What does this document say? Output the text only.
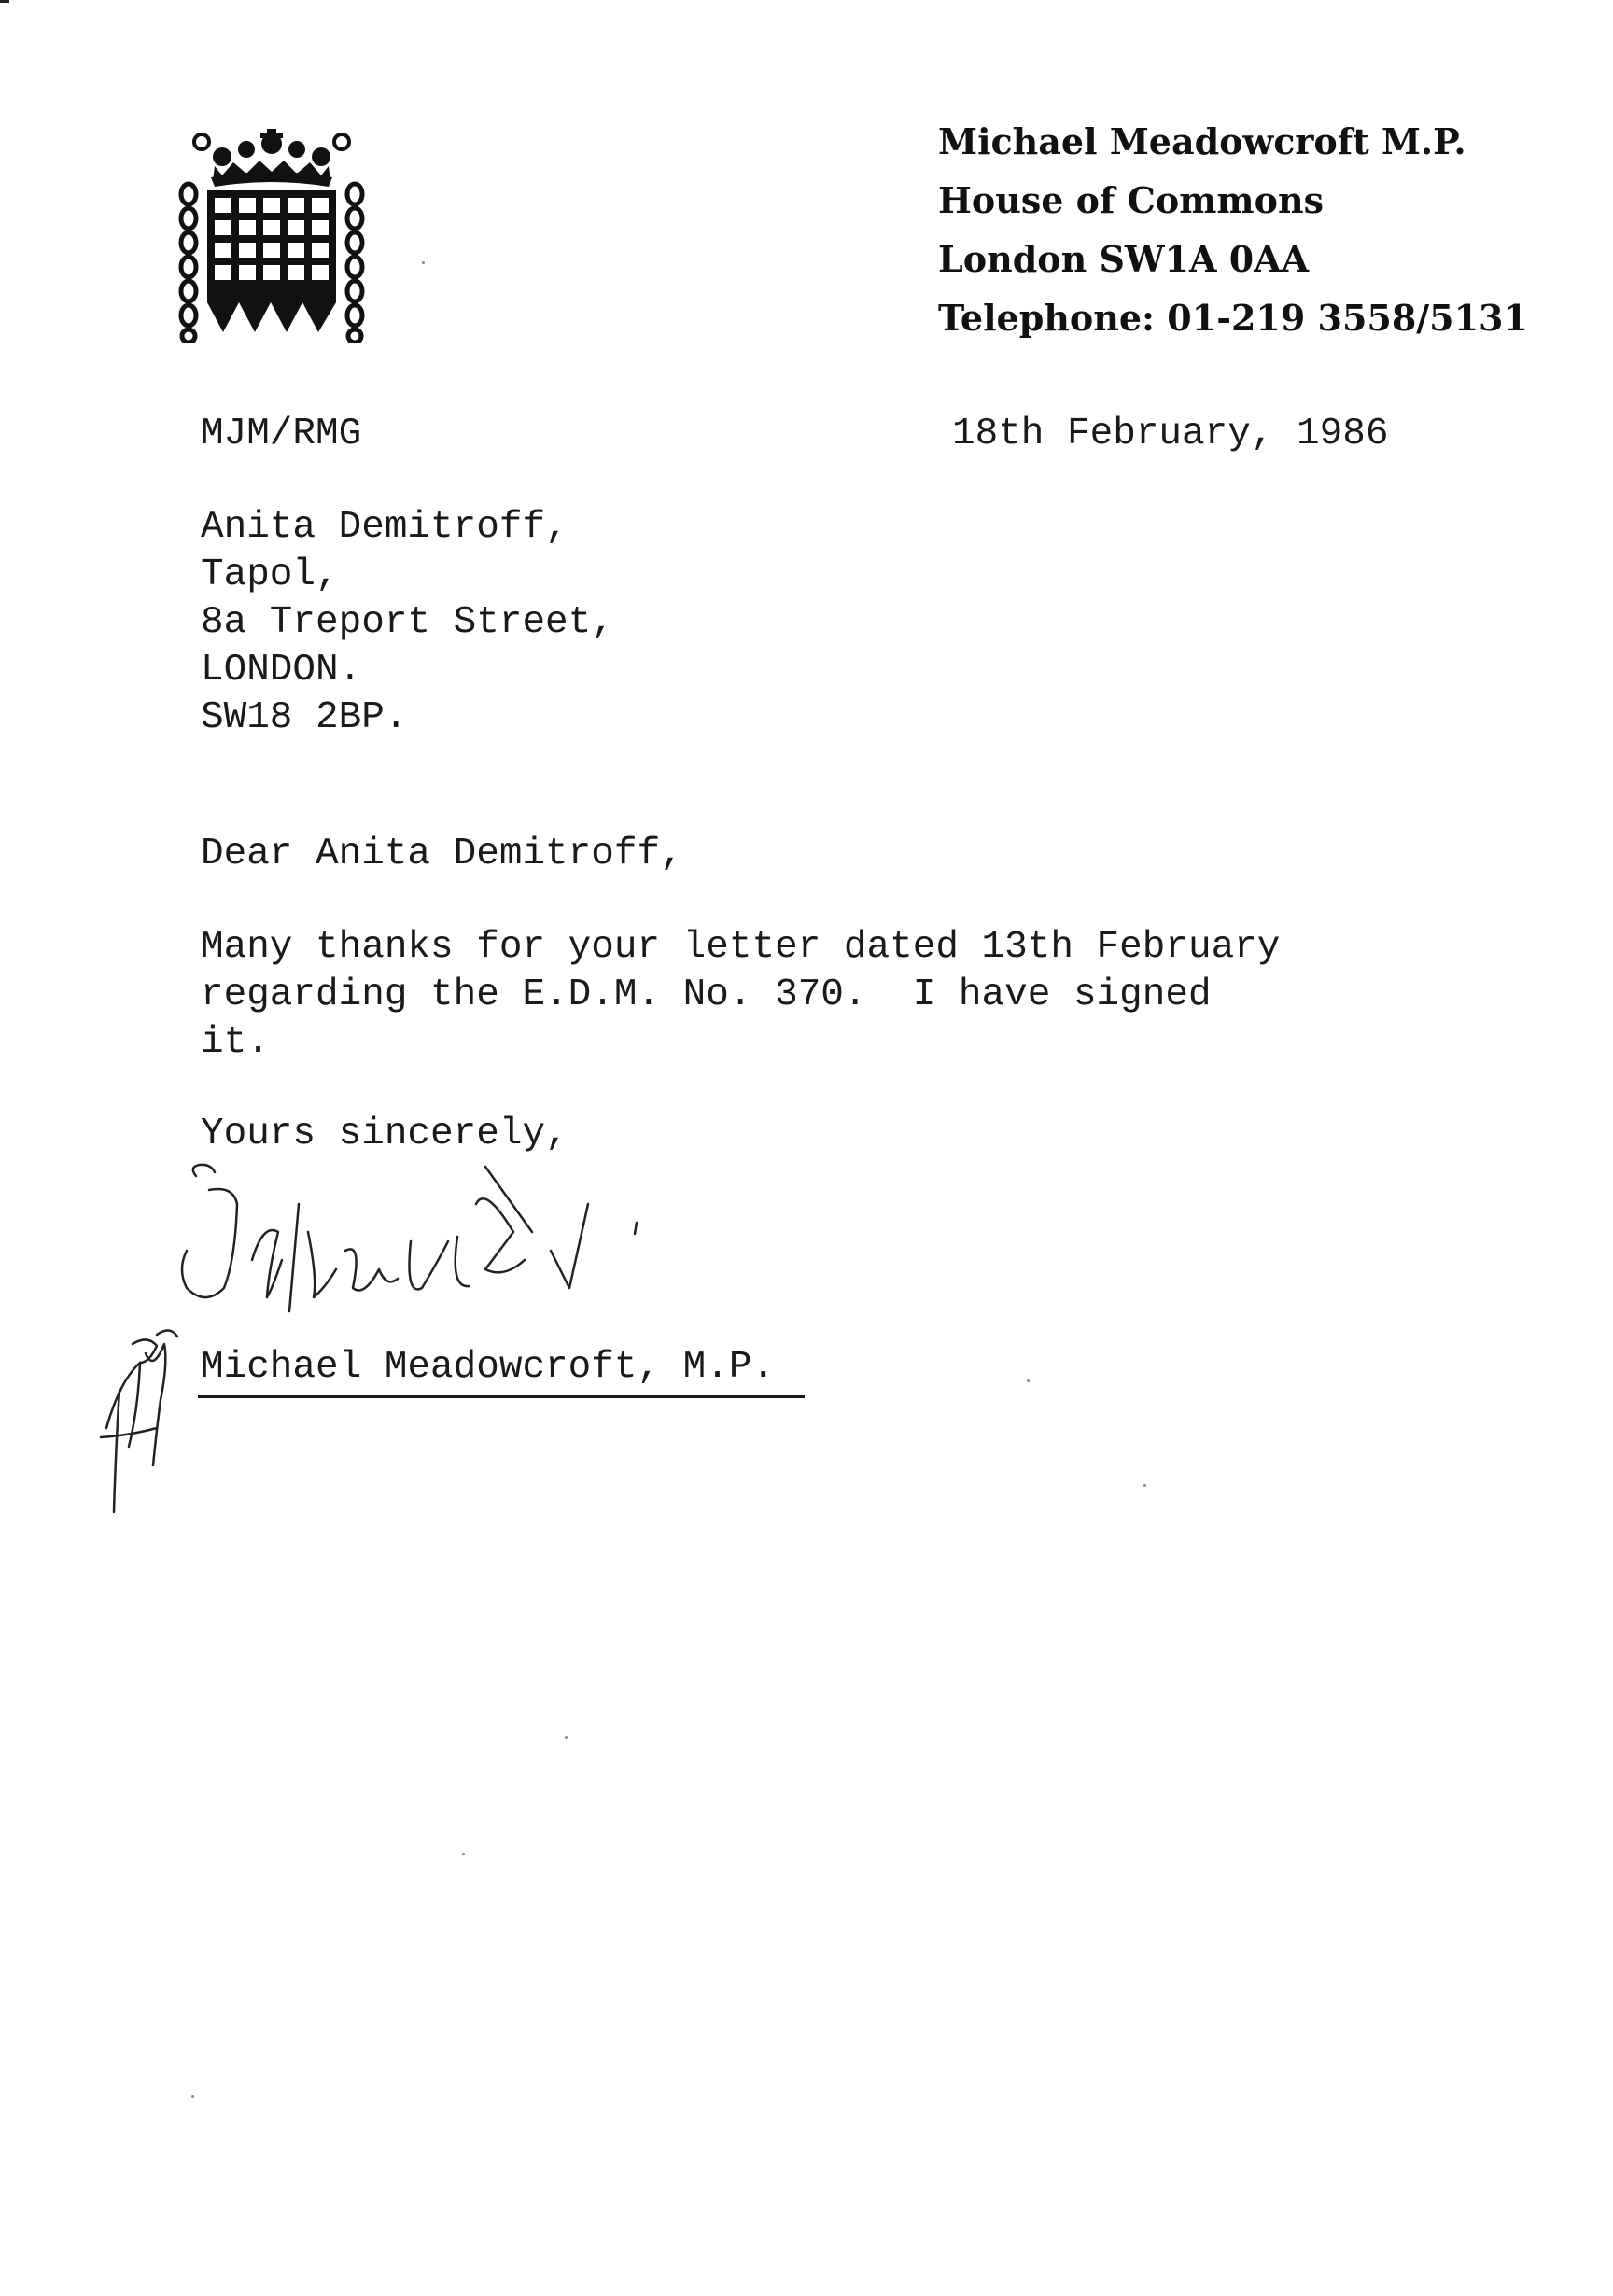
Michael Meadowcroft M.P.
House of Commons
London SW1A 0AA
Telephone: 01-219 3558/5131
MJM/RMG	18th February, 1986
Anita Demitroff,
Tapol,
8a Treport Street,
LONDON.
SW18 2BP.
Dear Anita Demitroff,
Many thanks for your letter dated 13th February
regarding the E.D.M. No. 370.  I have signed
it.
Yours sincerely,
Michael Meadowcroft, M.P.
